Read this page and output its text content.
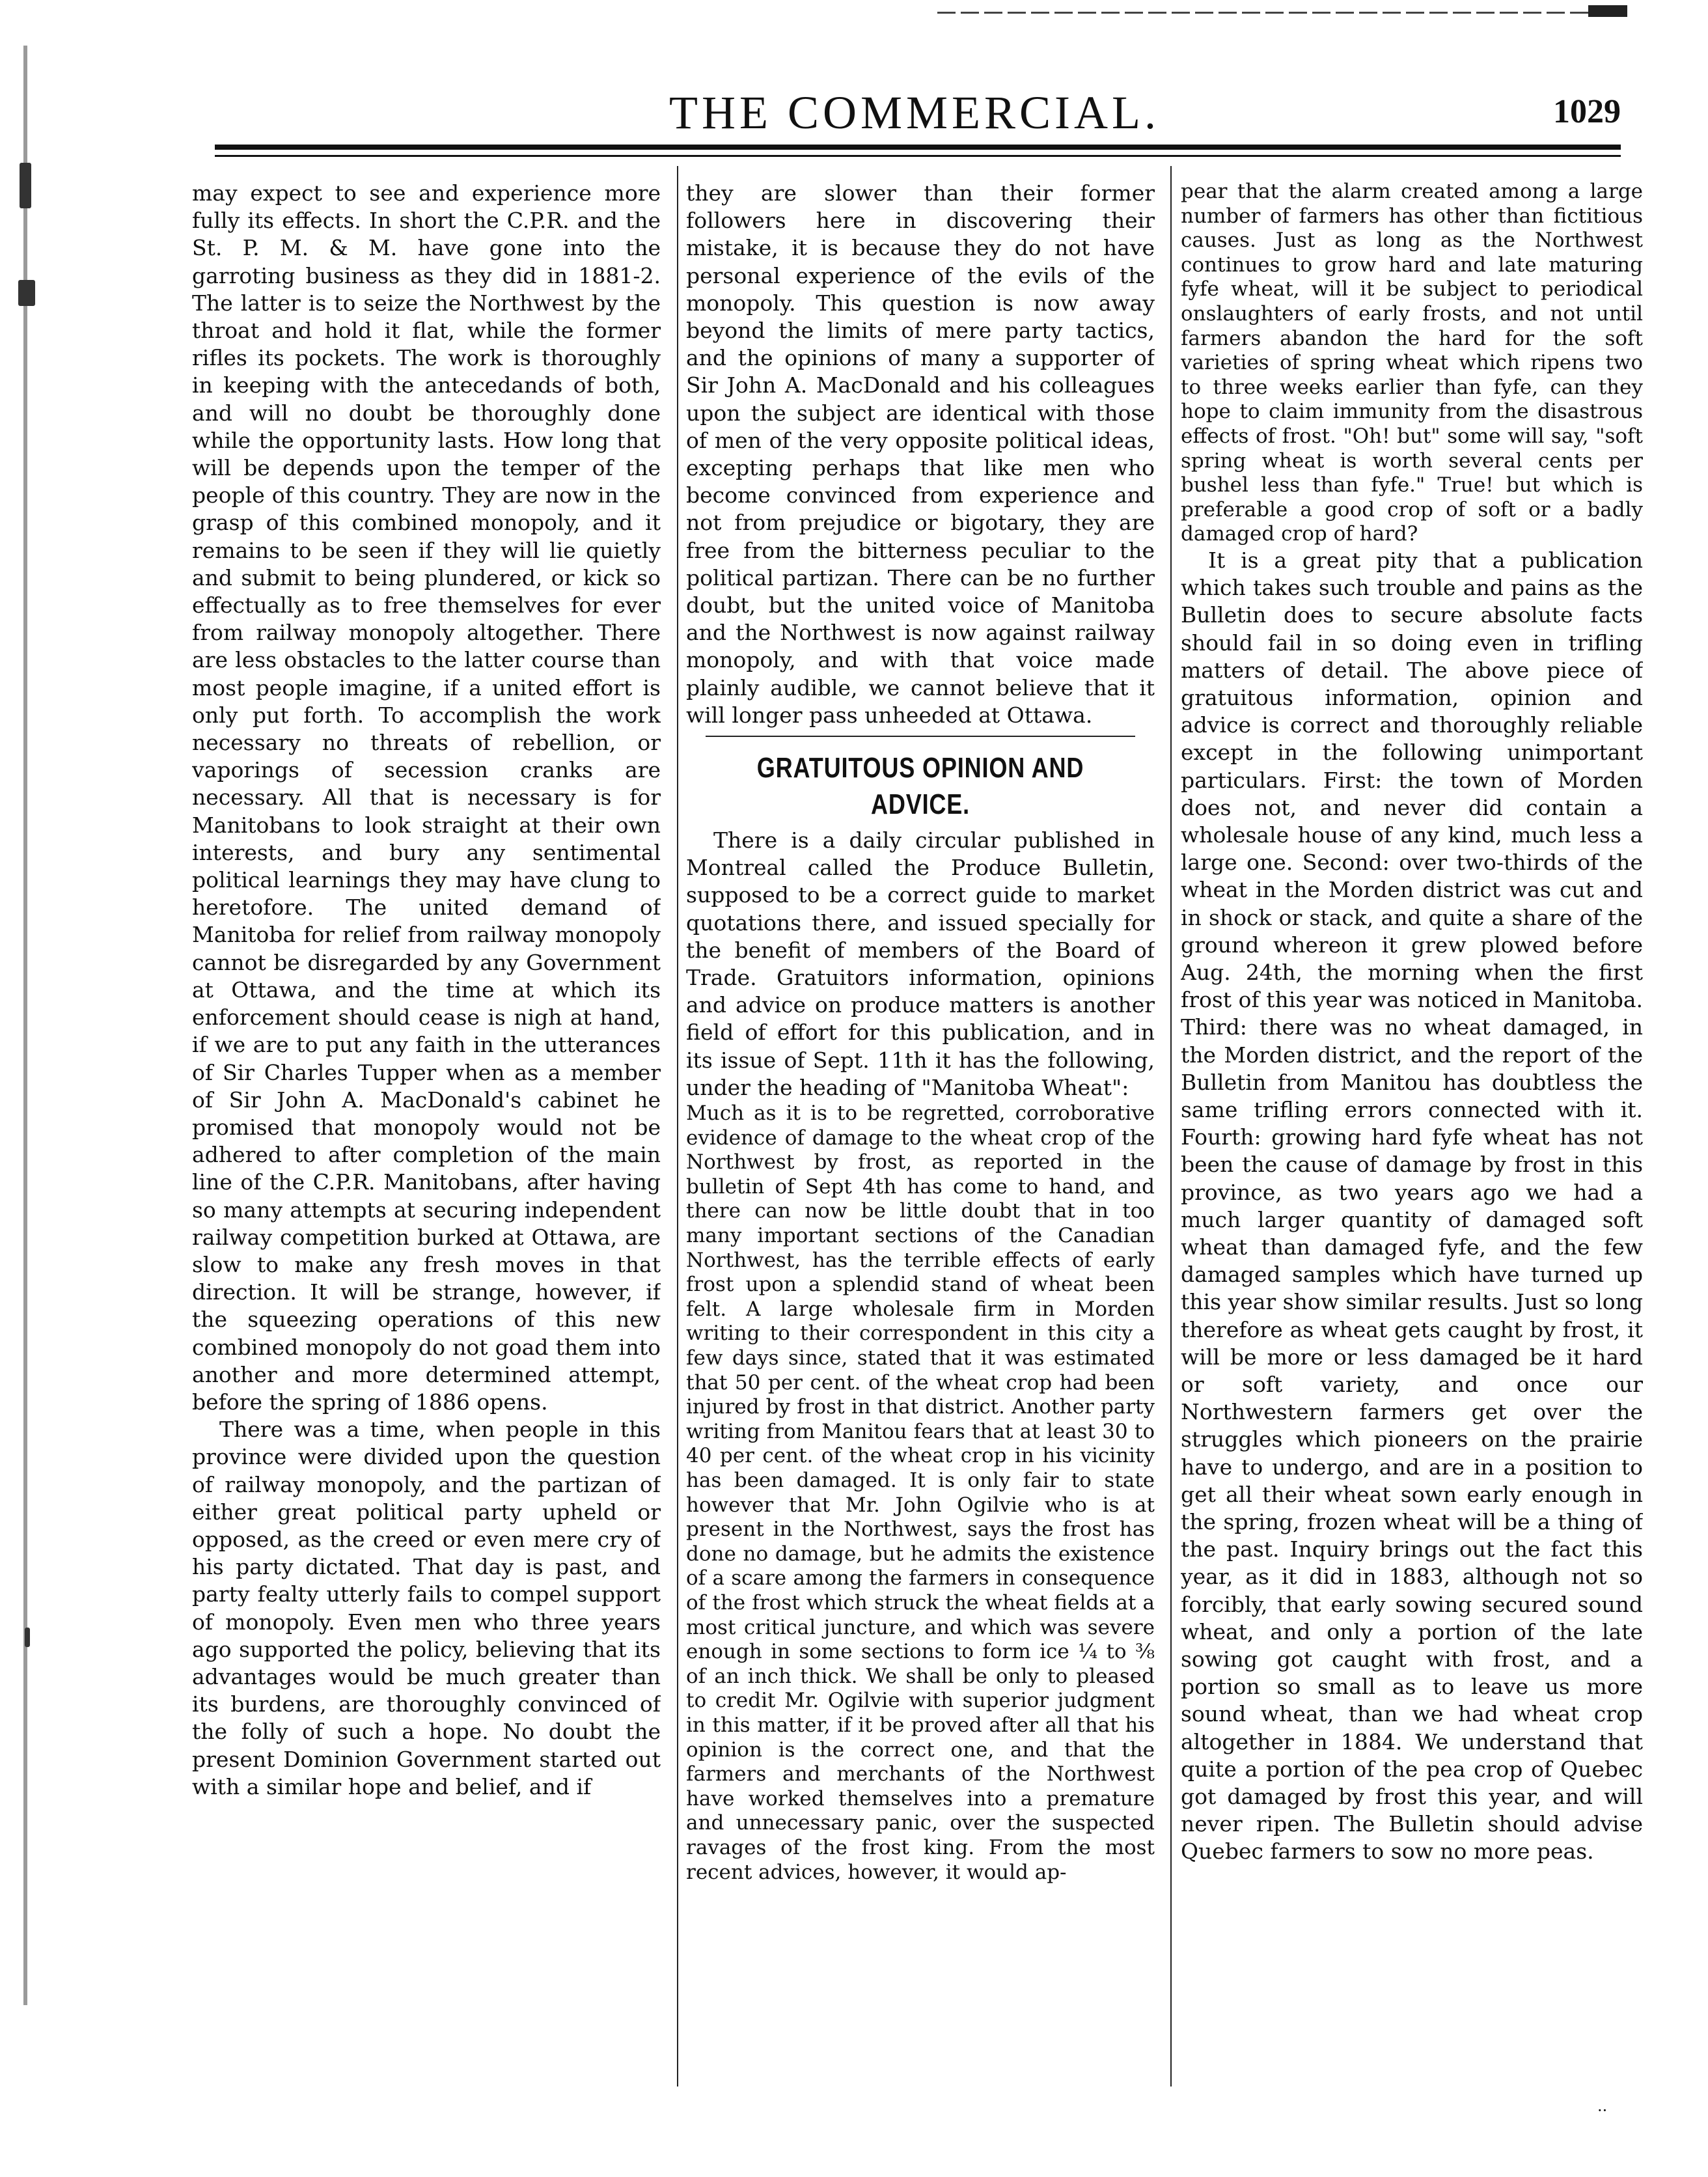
THE COMMERCIAL.	1029

may expect to see and experience more fully its effects. In short the C.P.R. and the St. P. M. & M. have gone into the garroting business as they did in 1881-2. The latter is to seize the Northwest by the throat and hold it flat, while the former rifles its pockets. The work is thoroughly in keeping with the antecedands of both, and will no doubt be thoroughly done while the opportunity lasts. How long that will be depends upon the temper of the people of this country. They are now in the grasp of this combined monopoly, and it remains to be seen if they will lie quietly and submit to being plundered, or kick so effectually as to free themselves for ever from railway monopoly altogether. There are less obstacles to the latter course than most people imagine, if a united effort is only put forth. To accomplish the work necessary no threats of rebellion, or vaporings of secession cranks are necessary. All that is necessary is for Manitobans to look straight at their own interests, and bury any sentimental political learnings they may have clung to heretofore. The united demand of Manitoba for relief from railway monopoly cannot be disregarded by any Government at Ottawa, and the time at which its enforcement should cease is nigh at hand, if we are to put any faith in the utterances of Sir Charles Tupper when as a member of Sir John A. MacDonald's cabinet he promised that monopoly would not be adhered to after completion of the main line of the C.P.R. Manitobans, after having so many attempts at securing independent railway competition burked at Ottawa, are slow to make any fresh moves in that direction. It will be strange, however, if the squeezing operations of this new combined monopoly do not goad them into another and more determined attempt, before the spring of 1886 opens.

There was a time, when people in this province were divided upon the question of railway monopoly, and the partizan of either great political party upheld or opposed, as the creed or even mere cry of his party dictated. That day is past, and party fealty utterly fails to compel support of monopoly. Even men who three years ago supported the policy, believing that its advantages would be much greater than its burdens, are thoroughly convinced of the folly of such a hope. No doubt the present Dominion Government started out with a similar hope and belief, and if

they are slower than their former followers here in discovering their mistake, it is because they do not have personal experience of the evils of the monopoly. This question is now away beyond the limits of mere party tactics, and the opinions of many a supporter of Sir John A. MacDonald and his colleagues upon the subject are identical with those of men of the very opposite political ideas, excepting perhaps that like men who become convinced from experience and not from prejudice or bigotary, they are free from the bitterness peculiar to the political partizan. There can be no further doubt, but the united voice of Manitoba and the Northwest is now against railway monopoly, and with that voice made plainly audible, we cannot believe that it will longer pass unheeded at Ottawa.

GRATUITOUS OPINION AND ADVICE.

There is a daily circular published in Montreal called the Produce Bulletin, supposed to be a correct guide to market quotations there, and issued specially for the benefit of members of the Board of Trade. Gratuitors information, opinions and advice on produce matters is another field of effort for this publication, and in its issue of Sept. 11th it has the following, under the heading of "Manitoba Wheat":

Much as it is to be regretted, corroborative evidence of damage to the wheat crop of the Northwest by frost, as reported in the bulletin of Sept 4th has come to hand, and there can now be little doubt that in too many important sections of the Canadian Northwest, has the terrible effects of early frost upon a splendid stand of wheat been felt. A large wholesale firm in Morden writing to their correspondent in this city a few days since, stated that it was estimated that 50 per cent. of the wheat crop had been injured by frost in that district. Another party writing from Manitou fears that at least 30 to 40 per cent. of the wheat crop in his vicinity has been damaged. It is only fair to state however that Mr. John Ogilvie who is at present in the Northwest, says the frost has done no damage, but he admits the existence of a scare among the farmers in consequence of the frost which struck the wheat fields at a most critical juncture, and which was severe enough in some sections to form ice ¼ to ⅜ of an inch thick. We shall be only to pleased to credit Mr. Ogilvie with superior judgment in this matter, if it be proved after all that his opinion is the correct one, and that the farmers and merchants of the Northwest have worked themselves into a premature and unnecessary panic, over the suspected ravages of the frost king. From the most recent advices, however, it would ap-

pear that the alarm created among a large number of farmers has other than fictitious causes. Just as long as the Northwest continues to grow hard and late maturing fyfe wheat, will it be subject to periodical onslaughters of early frosts, and not until farmers abandon the hard for the soft varieties of spring wheat which ripens two to three weeks earlier than fyfe, can they hope to claim immunity from the disastrous effects of frost. "Oh! but" some will say, "soft spring wheat is worth several cents per bushel less than fyfe." True! but which is preferable a good crop of soft or a badly damaged crop of hard?

It is a great pity that a publication which takes such trouble and pains as the Bulletin does to secure absolute facts should fail in so doing even in trifling matters of detail. The above piece of gratuitous information, opinion and advice is correct and thoroughly reliable except in the following unimportant particulars. First: the town of Morden does not, and never did contain a wholesale house of any kind, much less a large one. Second: over two-thirds of the wheat in the Morden district was cut and in shock or stack, and quite a share of the ground whereon it grew plowed before Aug. 24th, the morning when the first frost of this year was noticed in Manitoba. Third: there was no wheat damaged, in the Morden district, and the report of the Bulletin from Manitou has doubtless the same trifling errors connected with it. Fourth: growing hard fyfe wheat has not been the cause of damage by frost in this province, as two years ago we had a much larger quantity of damaged soft wheat than damaged fyfe, and the few damaged samples which have turned up this year show similar results. Just so long therefore as wheat gets caught by frost, it will be more or less damaged be it hard or soft variety, and once our Northwestern farmers get over the struggles which pioneers on the prairie have to undergo, and are in a position to get all their wheat sown early enough in the spring, frozen wheat will be a thing of the past. Inquiry brings out the fact this year, as it did in 1883, although not so forcibly, that early sowing secured sound wheat, and only a portion of the late sowing got caught with frost, and a portion so small as to leave us more sound wheat, than we had wheat crop altogether in 1884. We understand that quite a portion of the pea crop of Quebec got damaged by frost this year, and will never ripen. The Bulletin should advise Quebec farmers to sow no more peas.

··
